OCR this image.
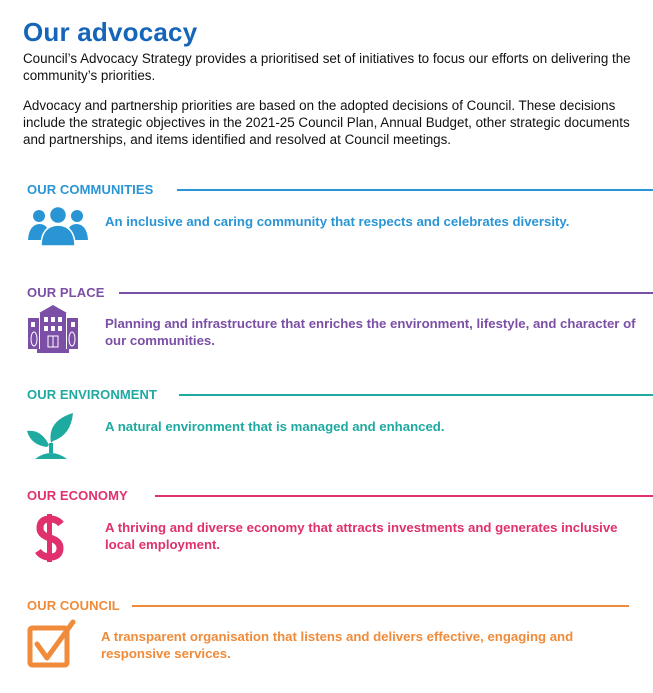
Our advocacy

Council’s Advocacy Strategy provides a prioritised set of initiatives to focus our efforts on delivering the community’s priorities.

Advocacy and partnership priorities are based on the adopted decisions of Council. These decisions include the strategic objectives in the 2021-25 Council Plan, Annual Budget, other strategic documents and partnerships, and items identified and resolved at Council meetings.

OUR COMMUNITIES
An inclusive and caring community that respects and celebrates diversity.
OUR PLACE
Planning and infrastructure that enriches the environment, lifestyle, and character of our communities.
OUR ENVIRONMENT
A natural environment that is managed and enhanced.
OUR ECONOMY
A thriving and diverse economy that attracts investments and generates inclusive local employment.
OUR COUNCIL
A transparent organisation that listens and delivers effective, engaging and responsive services.
